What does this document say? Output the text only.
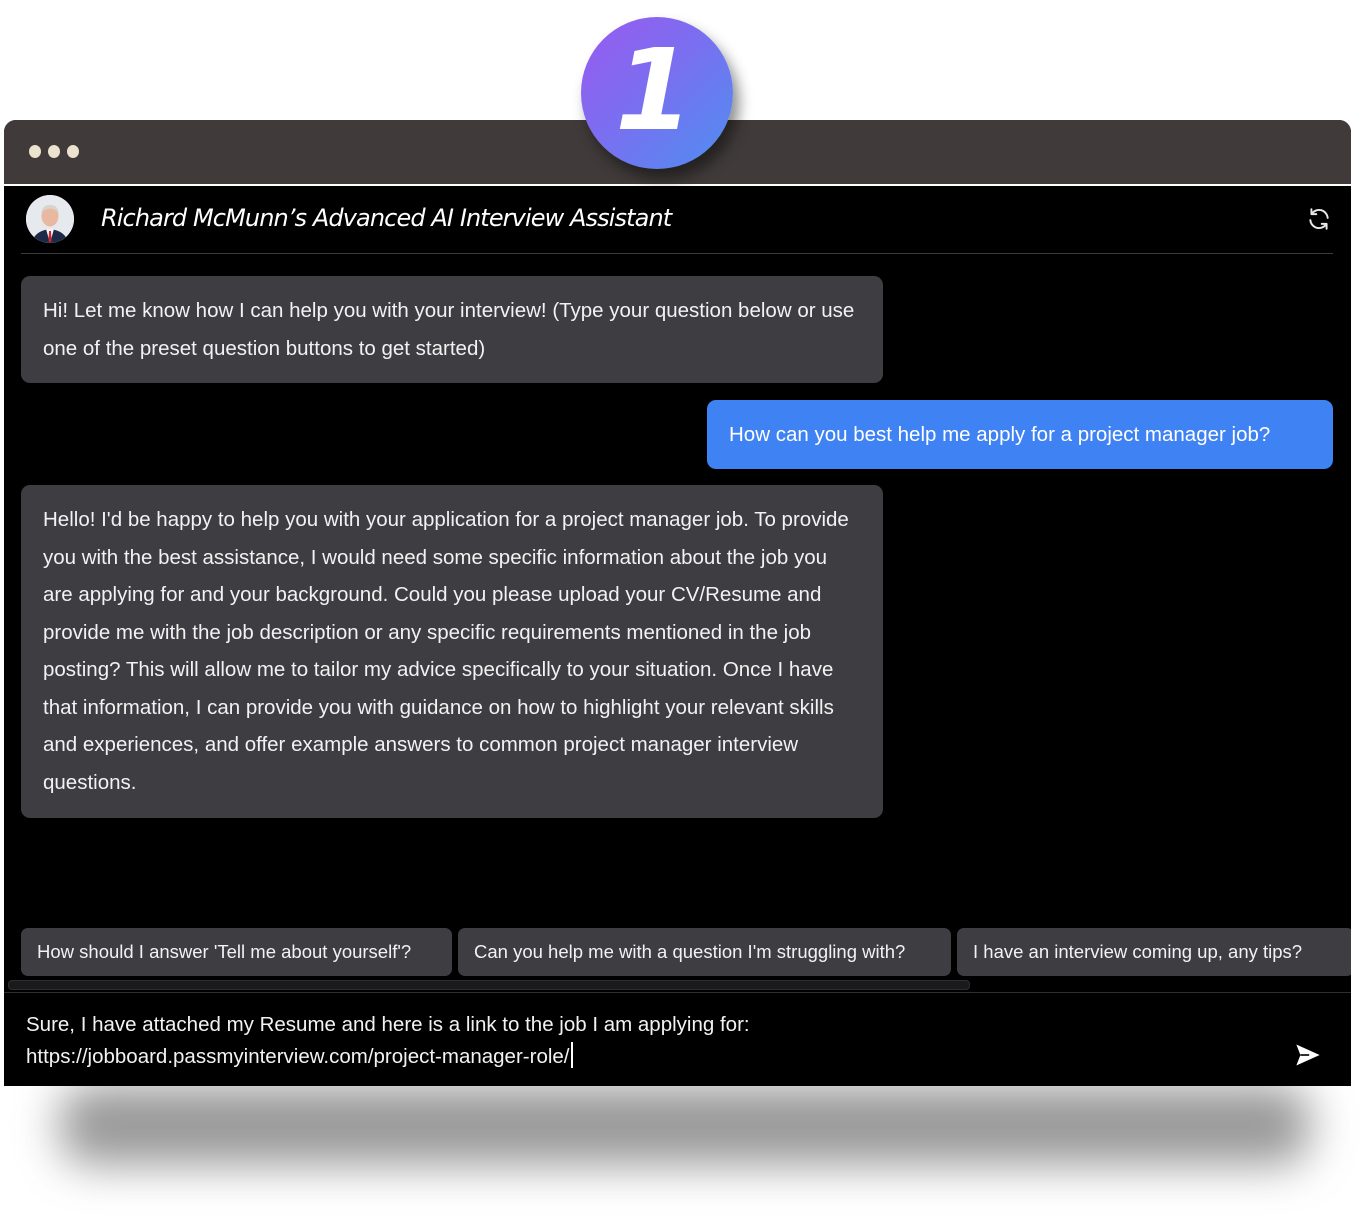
Richard McMunn’s Advanced AI Interview Assistant
Hi! Let me know how I can help you with your interview! (Type your question below or use one of the preset question buttons to get started)
How can you best help me apply for a project manager job?
Hello! I'd be happy to help you with your application for a project manager job. To provide you with the best assistance, I would need some specific information about the job you are applying for and your background. Could you please upload your CV/Resume and provide me with the job description or any specific requirements mentioned in the job posting? This will allow me to tailor my advice specifically to your situation. Once I have that information, I can provide you with guidance on how to highlight your relevant skills and experiences, and offer example answers to common project manager interview questions.
How should I answer 'Tell me about yourself'?	Can you help me with a question I'm struggling with?	I have an interview coming up, any tips?
Sure, I have attached my Resume and here is a link to the job I am applying for:
https://jobboard.passmyinterview.com/project-manager-role/
1
